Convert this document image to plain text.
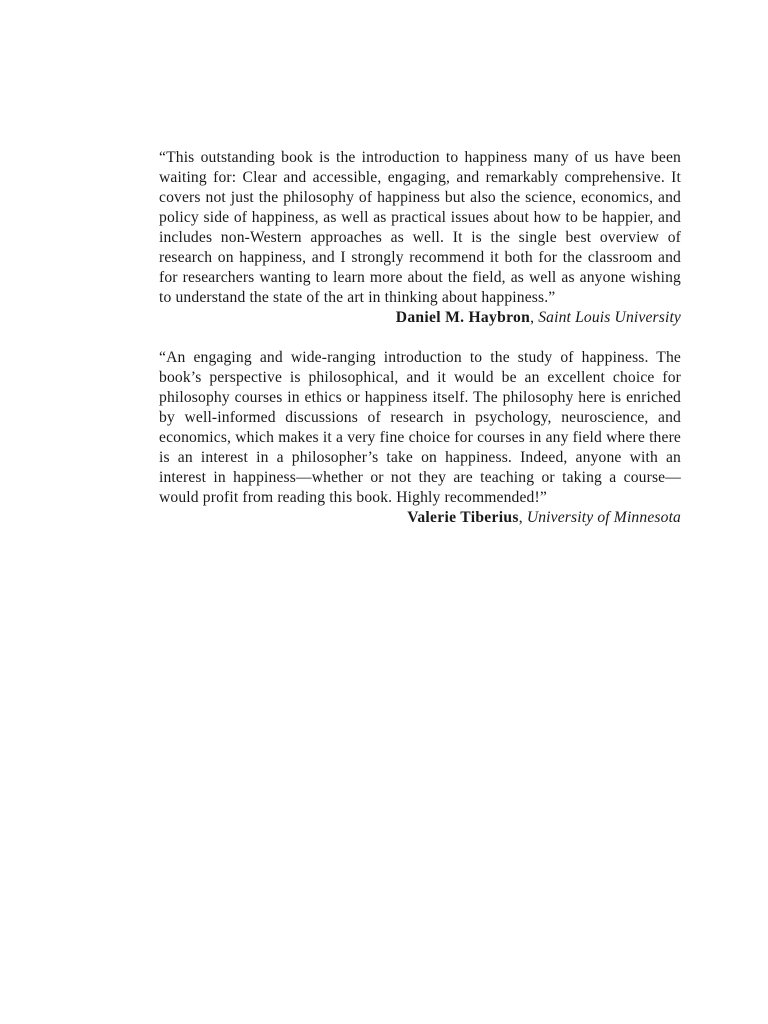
“This outstanding book is the introduction to happiness many of us have been waiting for: Clear and accessible, engaging, and remarkably comprehensive. It covers not just the philosophy of happiness but also the science, economics, and policy side of happiness, as well as practical issues about how to be happier, and includes non-Western approaches as well. It is the single best overview of research on happiness, and I strongly recommend it both for the classroom and for researchers wanting to learn more about the field, as well as anyone wishing to understand the state of the art in thinking about happiness.”

Daniel M. Haybron, Saint Louis University

“An engaging and wide-ranging introduction to the study of happiness. The book’s perspective is philosophical, and it would be an excellent choice for philosophy courses in ethics or happiness itself. The philosophy here is enriched by well-informed discussions of research in psychology, neuroscience, and economics, which makes it a very fine choice for courses in any field where there is an interest in a philosopher’s take on happiness. Indeed, anyone with an interest in happiness—whether or not they are teaching or taking a course—would profit from reading this book. Highly recommended!”

Valerie Tiberius, University of Minnesota
